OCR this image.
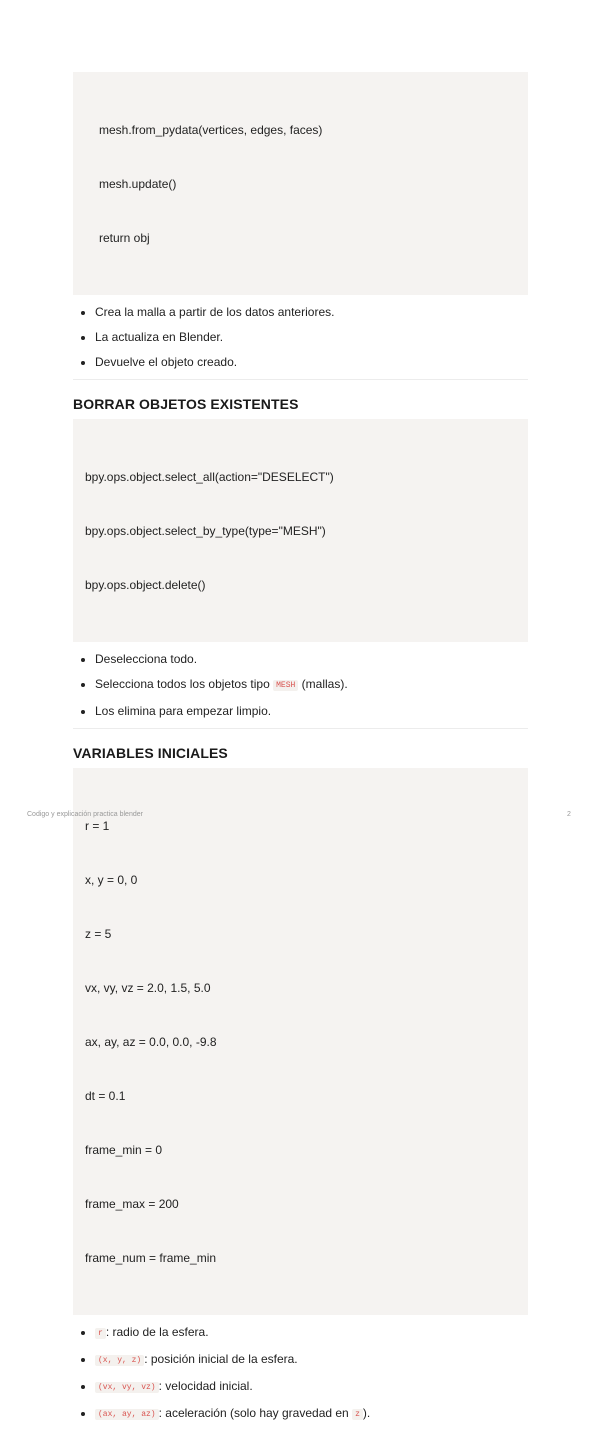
mesh.from_pydata(vertices, edges, faces)

mesh.update()

return obj

• Crea la malla a partir de los datos anteriores.
• La actualiza en Blender.
• Devuelve el objeto creado.
BORRAR OBJETOS EXISTENTES

bpy.ops.object.select_all(action="DESELECT")

bpy.ops.object.select_by_type(type="MESH")

bpy.ops.object.delete()

• Deselecciona todo.
• Selecciona todos los objetos tipo MESH (mallas).
• Los elimina para empezar limpio.
VARIABLES INICIALES

r = 1

x, y = 0, 0

z = 5

vx, vy, vz = 2.0, 1.5, 5.0

ax, ay, az = 0.0, 0.0, -9.8

dt = 0.1

frame_min = 0

frame_max = 200

frame_num = frame_min

• r : radio de la esfera.
• (x, y, z) : posición inicial de la esfera.
• (vx, vy, vz) : velocidad inicial.
• (ax, ay, az) : aceleración (solo hay gravedad en z ).
Codigo y explicación practica blender	2
